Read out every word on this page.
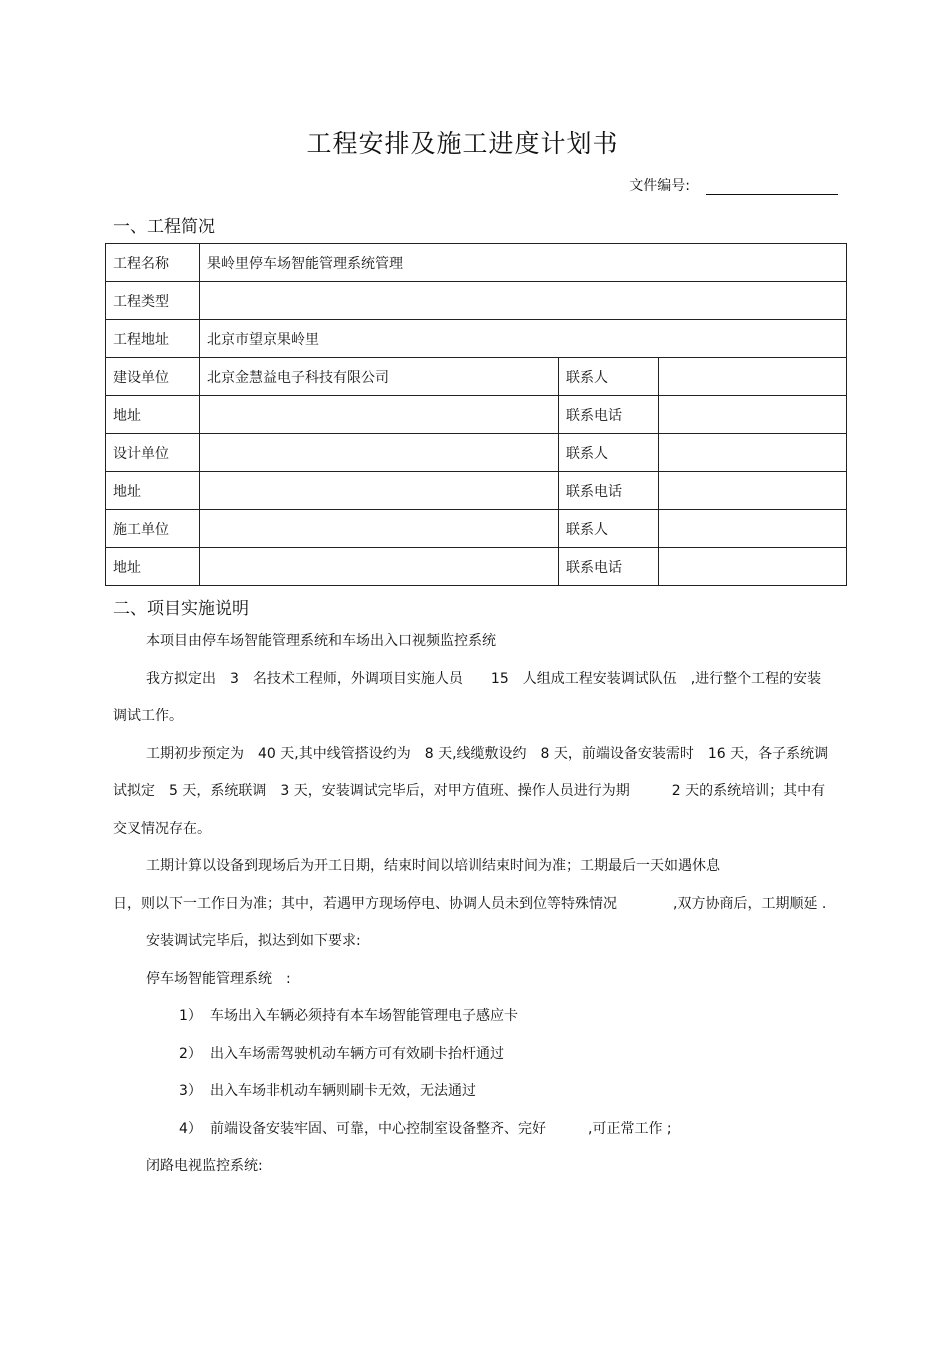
工程安排及施工进度计划书
文件编号:
一、工程简况
工程名称	果岭里停车场智能管理系统管理		
工程类型			
工程地址	北京市望京果岭里		
建设单位	北京金慧益电子科技有限公司	联系人	
地址		联系电话	
设计单位		联系人	
地址		联系电话	
施工单位		联系人	
地址		联系电话	
二、项目实施说明

本项目由停车场智能管理系统和车场出入口视频监控系统

我方拟定出　3　名技术工程师，外调项目实施人员　　15　人组成工程安装调试队伍　,进行整个工程的安装调试工作。

工期初步预定为　40 天,其中线管搭设约为　8 天,线缆敷设约　8 天，前端设备安装需时　16 天，各子系统调试拟定　5 天，系统联调　3 天，安装调试完毕后，对甲方值班、操作人员进行为期　　　2 天的系统培训；其中有交叉情况存在。

工期计算以设备到现场后为开工日期，结束时间以培训结束时间为准；工期最后一天如遇休息

日，则以下一工作日为准；其中，若遇甲方现场停电、协调人员未到位等特殊情况　　　　,双方协商后，工期顺延 .

安装调试完毕后，拟达到如下要求:

停车场智能管理系统　:

1） 车场出入车辆必须持有本车场智能管理电子感应卡

2） 出入车场需驾驶机动车辆方可有效刷卡抬杆通过

3） 出入车场非机动车辆则刷卡无效，无法通过

4） 前端设备安装牢固、可靠，中心控制室设备整齐、完好　　　,可正常工作 ;

闭路电视监控系统:
